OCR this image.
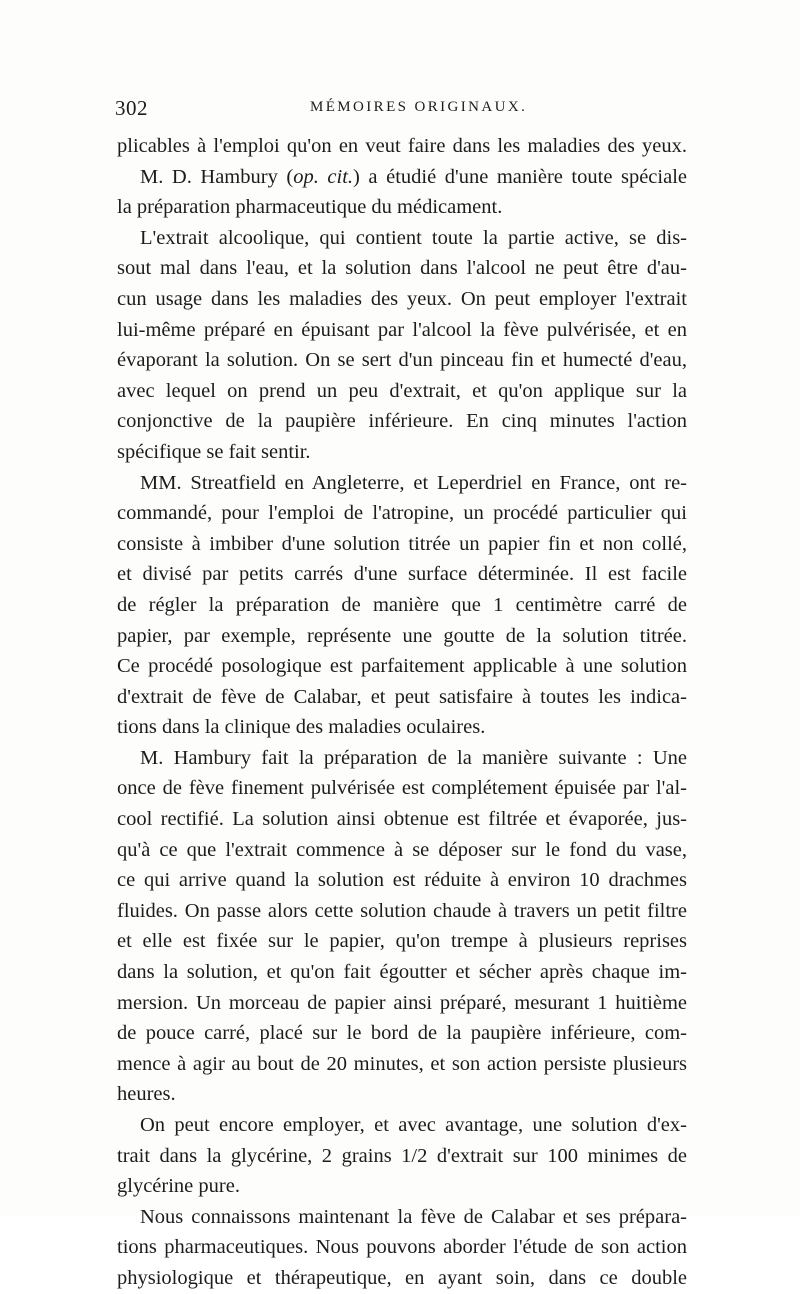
302	MÉMOIRES ORIGINAUX.
plicables à l'emploi qu'on en veut faire dans les maladies des yeux.
M. D. Hambury (op. cit.) a étudié d'une manière toute spéciale
la préparation pharmaceutique du médicament.
L'extrait alcoolique, qui contient toute la partie active, se dis-
sout mal dans l'eau, et la solution dans l'alcool ne peut être d'au-
cun usage dans les maladies des yeux. On peut employer l'extrait
lui-même préparé en épuisant par l'alcool la fève pulvérisée, et en
évaporant la solution. On se sert d'un pinceau fin et humecté d'eau,
avec lequel on prend un peu d'extrait, et qu'on applique sur la
conjonctive de la paupière inférieure. En cinq minutes l'action
spécifique se fait sentir.
MM. Streatfield en Angleterre, et Leperdriel en France, ont re-
commandé, pour l'emploi de l'atropine, un procédé particulier qui
consiste à imbiber d'une solution titrée un papier fin et non collé,
et divisé par petits carrés d'une surface déterminée. Il est facile
de régler la préparation de manière que 1 centimètre carré de
papier, par exemple, représente une goutte de la solution titrée.
Ce procédé posologique est parfaitement applicable à une solution
d'extrait de fève de Calabar, et peut satisfaire à toutes les indica-
tions dans la clinique des maladies oculaires.
M. Hambury fait la préparation de la manière suivante : Une
once de fève finement pulvérisée est complétement épuisée par l'al-
cool rectifié. La solution ainsi obtenue est filtrée et évaporée, jus-
qu'à ce que l'extrait commence à se déposer sur le fond du vase,
ce qui arrive quand la solution est réduite à environ 10 drachmes
fluides. On passe alors cette solution chaude à travers un petit filtre
et elle est fixée sur le papier, qu'on trempe à plusieurs reprises
dans la solution, et qu'on fait égoutter et sécher après chaque im-
mersion. Un morceau de papier ainsi préparé, mesurant 1 huitième
de pouce carré, placé sur le bord de la paupière inférieure, com-
mence à agir au bout de 20 minutes, et son action persiste plusieurs
heures.
On peut encore employer, et avec avantage, une solution d'ex-
trait dans la glycérine, 2 grains 1/2 d'extrait sur 100 minimes de
glycérine pure.
Nous connaissons maintenant la fève de Calabar et ses prépara-
tions pharmaceutiques. Nous pouvons aborder l'étude de son action
physiologique et thérapeutique, en ayant soin, dans ce double
